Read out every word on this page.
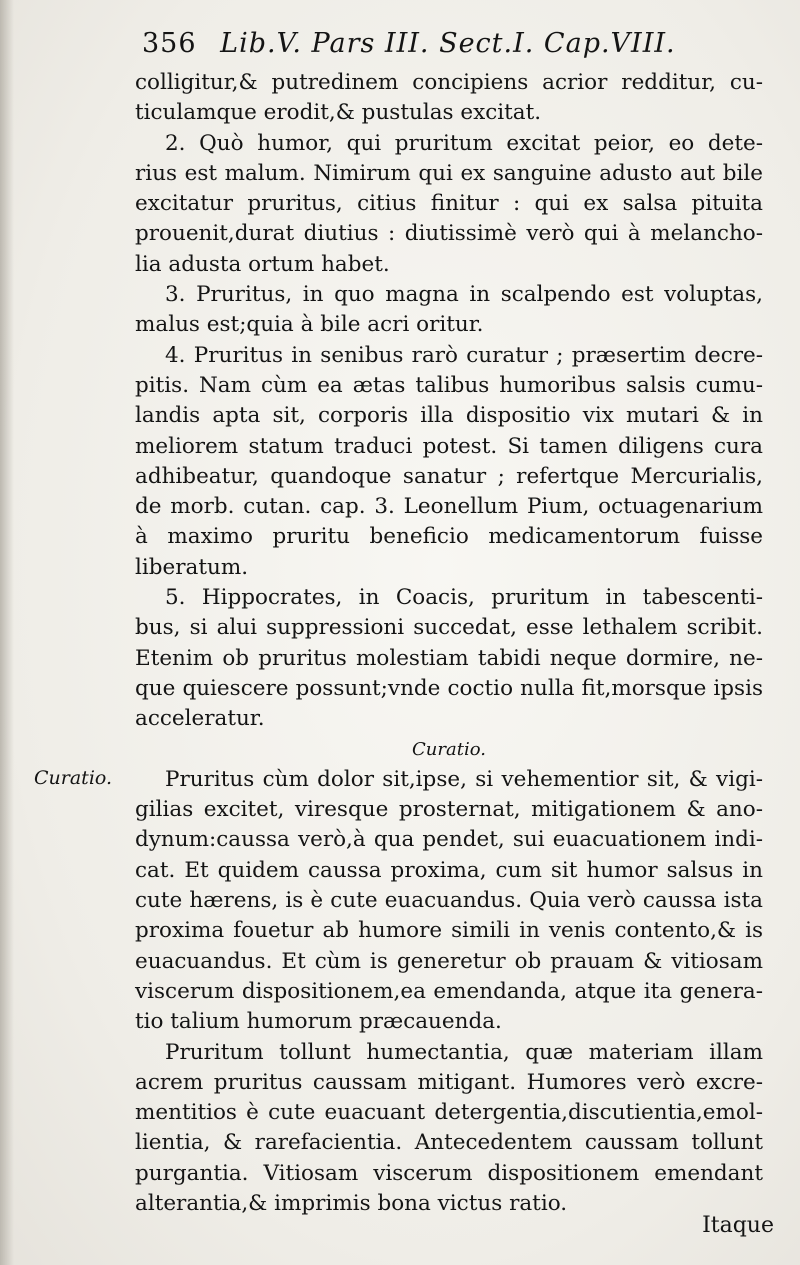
356 Lib.V. Pars III. Sect.I. Cap.VIII.
Curatio.
colligitur,& putredinem concipiens acrior redditur, cu-
ticulamque erodit,& pustulas excitat.
2. Quò humor, qui pruritum excitat peior, eo dete-
rius est malum. Nimirum qui ex sanguine adusto aut bile
excitatur pruritus, citius finitur : qui ex salsa pituita
prouenit,durat diutius : diutissimè verò qui à melancho-
lia adusta ortum habet.
3. Pruritus, in quo magna in scalpendo est voluptas,
malus est;quia à bile acri oritur.
4. Pruritus in senibus rarò curatur ; præsertim decre-
pitis. Nam cùm ea ætas talibus humoribus salsis cumu-
landis apta sit, corporis illa dispositio vix mutari & in
meliorem statum traduci potest. Si tamen diligens cura
adhibeatur, quandoque sanatur ; refertque Mercurialis,
de morb. cutan. cap. 3. Leonellum Pium, octuagenarium
à maximo pruritu beneficio medicamentorum fuisse
liberatum.
5. Hippocrates, in Coacis, pruritum in tabescenti-
bus, si alui suppressioni succedat, esse lethalem scribit.
Etenim ob pruritus molestiam tabidi neque dormire, ne-
que quiescere possunt;vnde coctio nulla fit,morsque ipsis
acceleratur.
Curatio.
Pruritus cùm dolor sit,ipse, si vehementior sit, & vigi-
gilias excitet, viresque prosternat, mitigationem & ano-
dynum:caussa verò,à qua pendet, sui euacuationem indi-
cat. Et quidem caussa proxima, cum sit humor salsus in
cute hærens, is è cute euacuandus. Quia verò caussa ista
proxima fouetur ab humore simili in venis contento,& is
euacuandus. Et cùm is generetur ob prauam & vitiosam
viscerum dispositionem,ea emendanda, atque ita genera-
tio talium humorum præcauenda.
Pruritum tollunt humectantia, quæ materiam illam
acrem pruritus caussam mitigant. Humores verò excre-
mentitios è cute euacuant detergentia,discutientia,emol-
lientia, & rarefacientia. Antecedentem caussam tollunt
purgantia. Vitiosam viscerum dispositionem emendant
alterantia,& imprimis bona victus ratio.
Itaque
